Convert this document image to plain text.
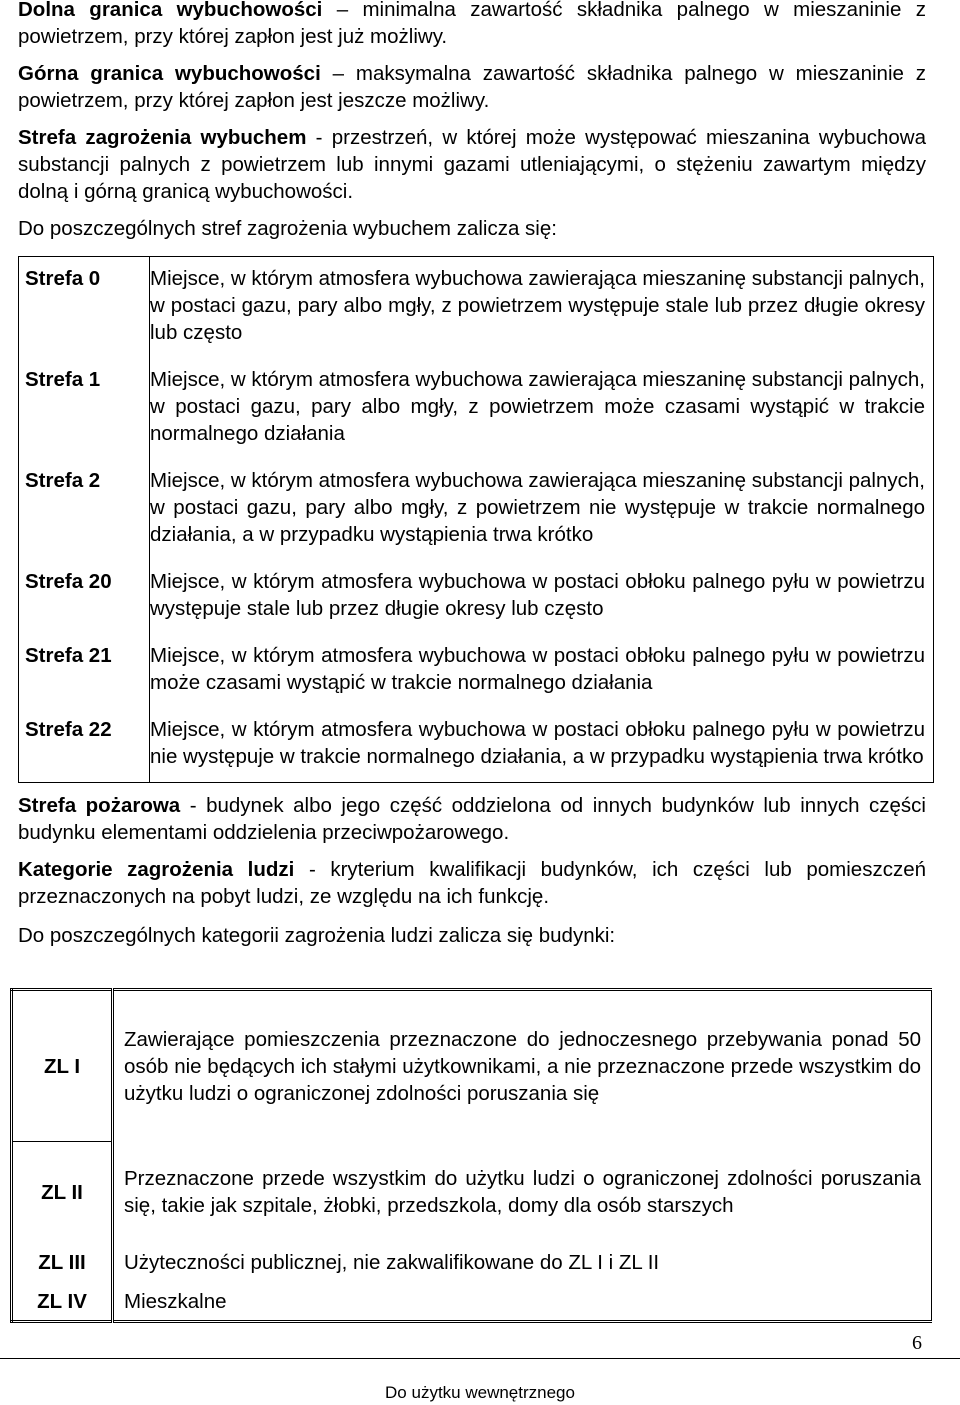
Dolna granica wybuchowości – minimalna zawartość składnika palnego w mieszaninie z powietrzem, przy której zapłon jest już możliwy.

Górna granica wybuchowości – maksymalna zawartość składnika palnego w mieszaninie z powietrzem, przy której zapłon jest jeszcze możliwy.

Strefa zagrożenia wybuchem - przestrzeń, w której może występować mieszanina wybuchowa substancji palnych z powietrzem lub innymi gazami utleniającymi, o stężeniu zawartym między dolną i górną granicą wybuchowości.

Do poszczególnych stref zagrożenia wybuchem zalicza się:

Strefa 0	Miejsce, w którym atmosfera wybuchowa zawierająca mieszaninę substancji palnych, w postaci gazu, pary albo mgły, z powietrzem występuje stale lub przez długie okresy lub często
Strefa 1	Miejsce, w którym atmosfera wybuchowa zawierająca mieszaninę substancji palnych, w postaci gazu, pary albo mgły, z powietrzem może czasami wystąpić w trakcie normalnego działania
Strefa 2	Miejsce, w którym atmosfera wybuchowa zawierająca mieszaninę substancji palnych, w postaci gazu, pary albo mgły, z powietrzem nie występuje w trakcie normalnego działania, a w przypadku wystąpienia trwa krótko
Strefa 20	Miejsce, w którym atmosfera wybuchowa w postaci obłoku palnego pyłu w powietrzu występuje stale lub przez długie okresy lub często
Strefa 21	Miejsce, w którym atmosfera wybuchowa w postaci obłoku palnego pyłu w powietrzu może czasami wystąpić w trakcie normalnego działania
Strefa 22	Miejsce, w którym atmosfera wybuchowa w postaci obłoku palnego pyłu w powietrzu nie występuje w trakcie normalnego działania, a w przypadku wystąpienia trwa krótko

Strefa pożarowa - budynek albo jego część oddzielona od innych budynków lub innych części budynku elementami oddzielenia przeciwpożarowego.

Kategorie zagrożenia ludzi - kryterium kwalifikacji budynków, ich części lub pomieszczeń przeznaczonych na pobyt ludzi, ze względu na ich funkcję.

Do poszczególnych kategorii zagrożenia ludzi zalicza się budynki:

ZL I	Zawierające pomieszczenia przeznaczone do jednoczesnego przebywania ponad 50 osób nie będących ich stałymi użytkownikami, a nie przeznaczone przede wszystkim do użytku ludzi o ograniczonej zdolności poruszania się
ZL II	Przeznaczone przede wszystkim do użytku ludzi o ograniczonej zdolności poruszania się, takie jak szpitale, żłobki, przedszkola, domy dla osób starszych
ZL III	Użyteczności publicznej, nie zakwalifikowane do ZL I i ZL II
ZL IV	Mieszkalne
6
Do użytku wewnętrznego
